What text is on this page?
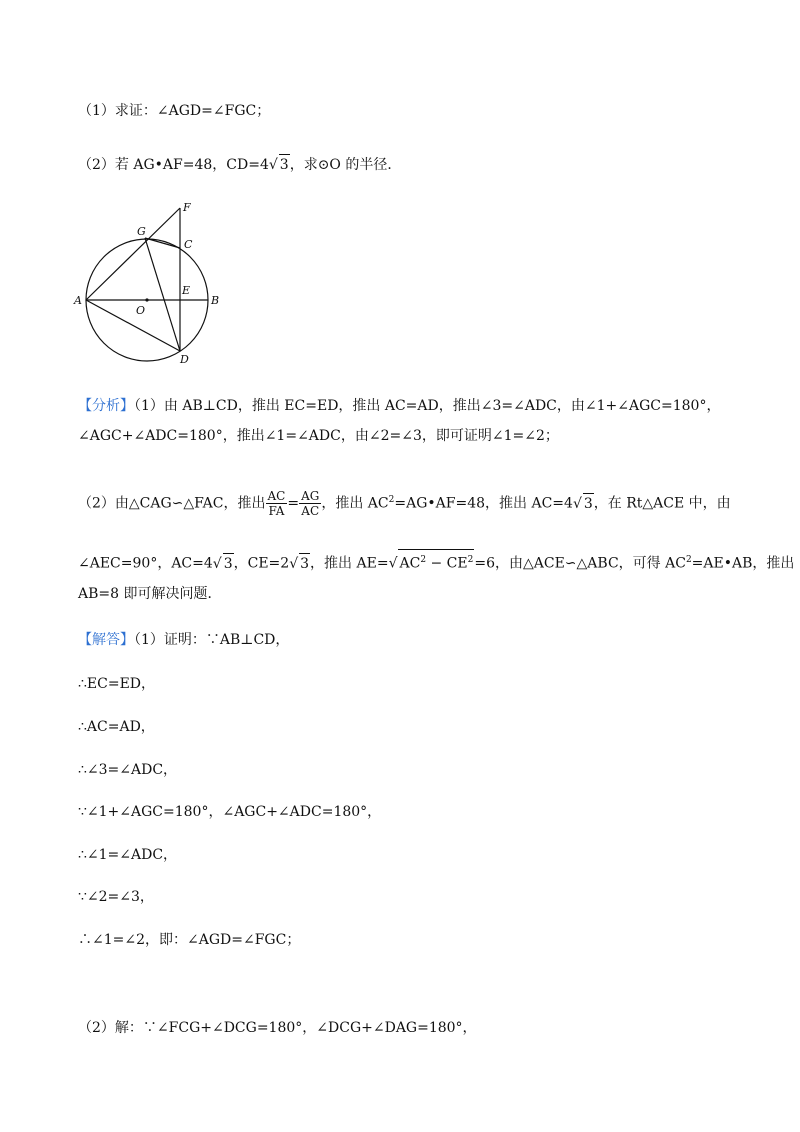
（1）求证：∠AGD=∠FGC；
（2）若 AG•AF=48，CD=4√ 3，求⊙O 的半径．
F
G
C
A
O
E
B
D
【分析】（1）由 AB⊥CD，推出 EC=ED，推出 AC=AD，推出∠3=∠ADC，由∠1+∠AGC=180°，
∠AGC+∠ADC=180°，推出∠1=∠ADC，由∠2=∠3，即可证明∠1=∠2；
（2）由△CAG∽△FAC，推出 $\frac{AC}{FA} = \frac{AG}{AC}$ ，推出 $AC^2=AG•AF=48$，推出 AC=4√ 3，在 Rt△ACE 中，由
∠AEC=90°，AC=4√ 3，CE=2√ 3，推出 AE=√ $AC^2 - CE^2=6$，由△ACE∽△ABC，可得 $AC^2=AE•AB$，推出
AB=8 即可解决问题．
【解答】（1）证明：∵AB⊥CD，
∴EC=ED，
∴AC=AD，
∴∠3=∠ADC，
∵∠1+∠AGC=180°，∠AGC+∠ADC=180°，
∴∠1=∠ADC，
∵∠2=∠3，
∴∠1=∠2，即：∠AGD=∠FGC；
（2）解：∵∠FCG+∠DCG=180°，∠DCG+∠DAG=180°，
